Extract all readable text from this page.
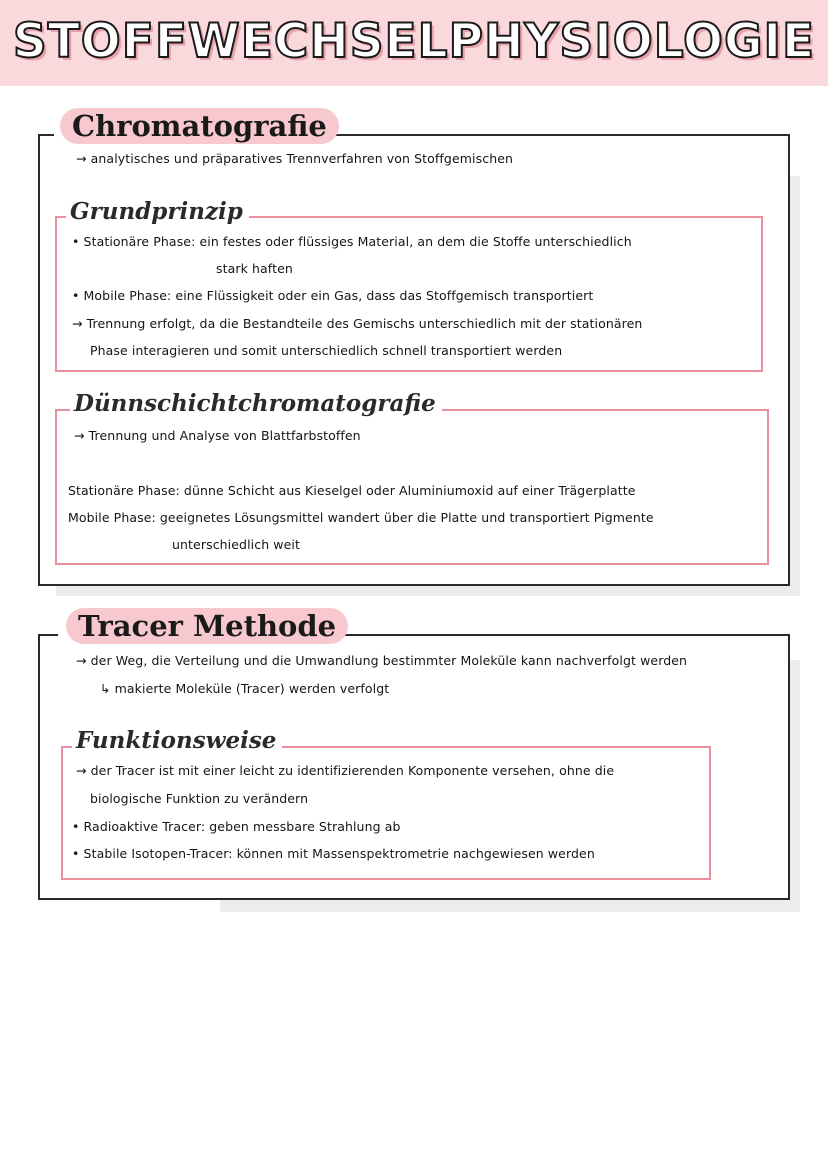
STOFFWECHSELPHYSIOLOGIE
Chromatografie
→ analytisches und präparatives Trennverfahren von Stoffgemischen
Grundprinzip
• Stationäre Phase: ein festes oder flüssiges Material, an dem die Stoffe unterschiedlich
stark haften
• Mobile Phase: eine Flüssigkeit oder ein Gas, dass das Stoffgemisch transportiert
→ Trennung erfolgt, da die Bestandteile des Gemischs unterschiedlich mit der stationären
Phase interagieren und somit unterschiedlich schnell transportiert werden
Dünnschichtchromatografie
→ Trennung und Analyse von Blattfarbstoffen
Stationäre Phase: dünne Schicht aus Kieselgel oder Aluminiumoxid auf einer Trägerplatte
Mobile Phase: geeignetes Lösungsmittel wandert über die Platte und transportiert Pigmente
unterschiedlich weit
Tracer Methode
→ der Weg, die Verteilung und die Umwandlung bestimmter Moleküle kann nachverfolgt werden
↳ makierte Moleküle (Tracer) werden verfolgt
Funktionsweise
→ der Tracer ist mit einer leicht zu identifizierenden Komponente versehen, ohne die
biologische Funktion zu verändern
• Radioaktive Tracer: geben messbare Strahlung ab
• Stabile Isotopen-Tracer: können mit Massenspektrometrie nachgewiesen werden
